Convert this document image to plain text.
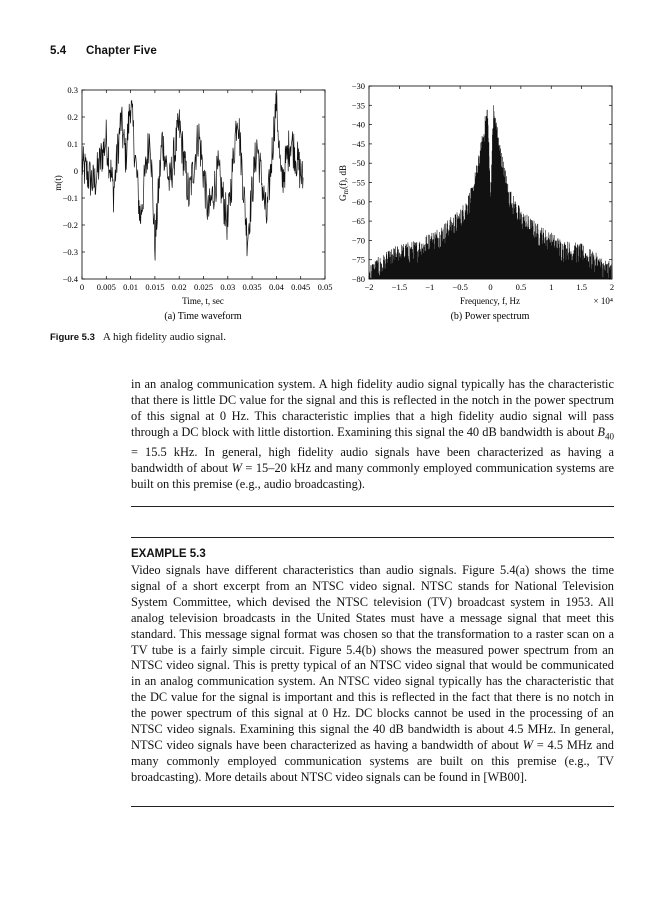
5.4 Chapter Five
0.3
0.2
0.1
0
−0.1
−0.2
−0.3
−0.4
0 0.005 0.01 0.015 0.02 0.025 0.03 0.035 0.04 0.045 0.05
Time, t, sec
m(t)
(a) Time waveform
−30
−35
−40
−45
−50
−55
−60
−65
−70
−75
−80
−2 −1.5 −1 −0.5 0	0.5	1	1.5	2
Frequency, f, Hz	× 10⁴
$G_m(f)$, dB
(b) Power spectrum
Figure 5.3 A high fidelity audio signal.

in an analog communication system. A high fidelity audio signal typically has the characteristic that there is little DC value for the signal and this is reflected in the notch in the power spectrum of this signal at 0 Hz. This characteristic implies that a high fidelity audio signal will pass through a DC block with little distortion. Examining this signal the 40 dB bandwidth is about $B_{40} = 15.5$ kHz. In general, high fidelity audio signals have been characterized as having a bandwidth of about W = 15–20 kHz and many commonly employed communication systems are built on this premise (e.g., audio broadcasting).

EXAMPLE 5.3

Video signals have different characteristics than audio signals. Figure 5.4(a) shows the time signal of a short excerpt from an NTSC video signal. NTSC stands for National Television System Committee, which devised the NTSC television (TV) broadcast system in 1953. All analog television broadcasts in the United States must have a message signal that meet this standard. This message signal format was chosen so that the transformation to a raster scan on a TV tube is a fairly simple circuit. Figure 5.4(b) shows the measured power spectrum from an NTSC video signal. This is pretty typical of an NTSC video signal that would be communicated in an analog communication system. An NTSC video signal typically has the characteristic that the DC value for the signal is important and this is reflected in the fact that there is no notch in the power spectrum of this signal at 0 Hz. DC blocks cannot be used in the processing of an NTSC video signals. Examining this signal the 40 dB bandwidth is about 4.5 MHz. In general, NTSC video signals have been characterized as having a bandwidth of about W = 4.5 MHz and many commonly employed communication systems are built on this premise (e.g., TV broadcasting). More details about NTSC video signals can be found in [WB00].
